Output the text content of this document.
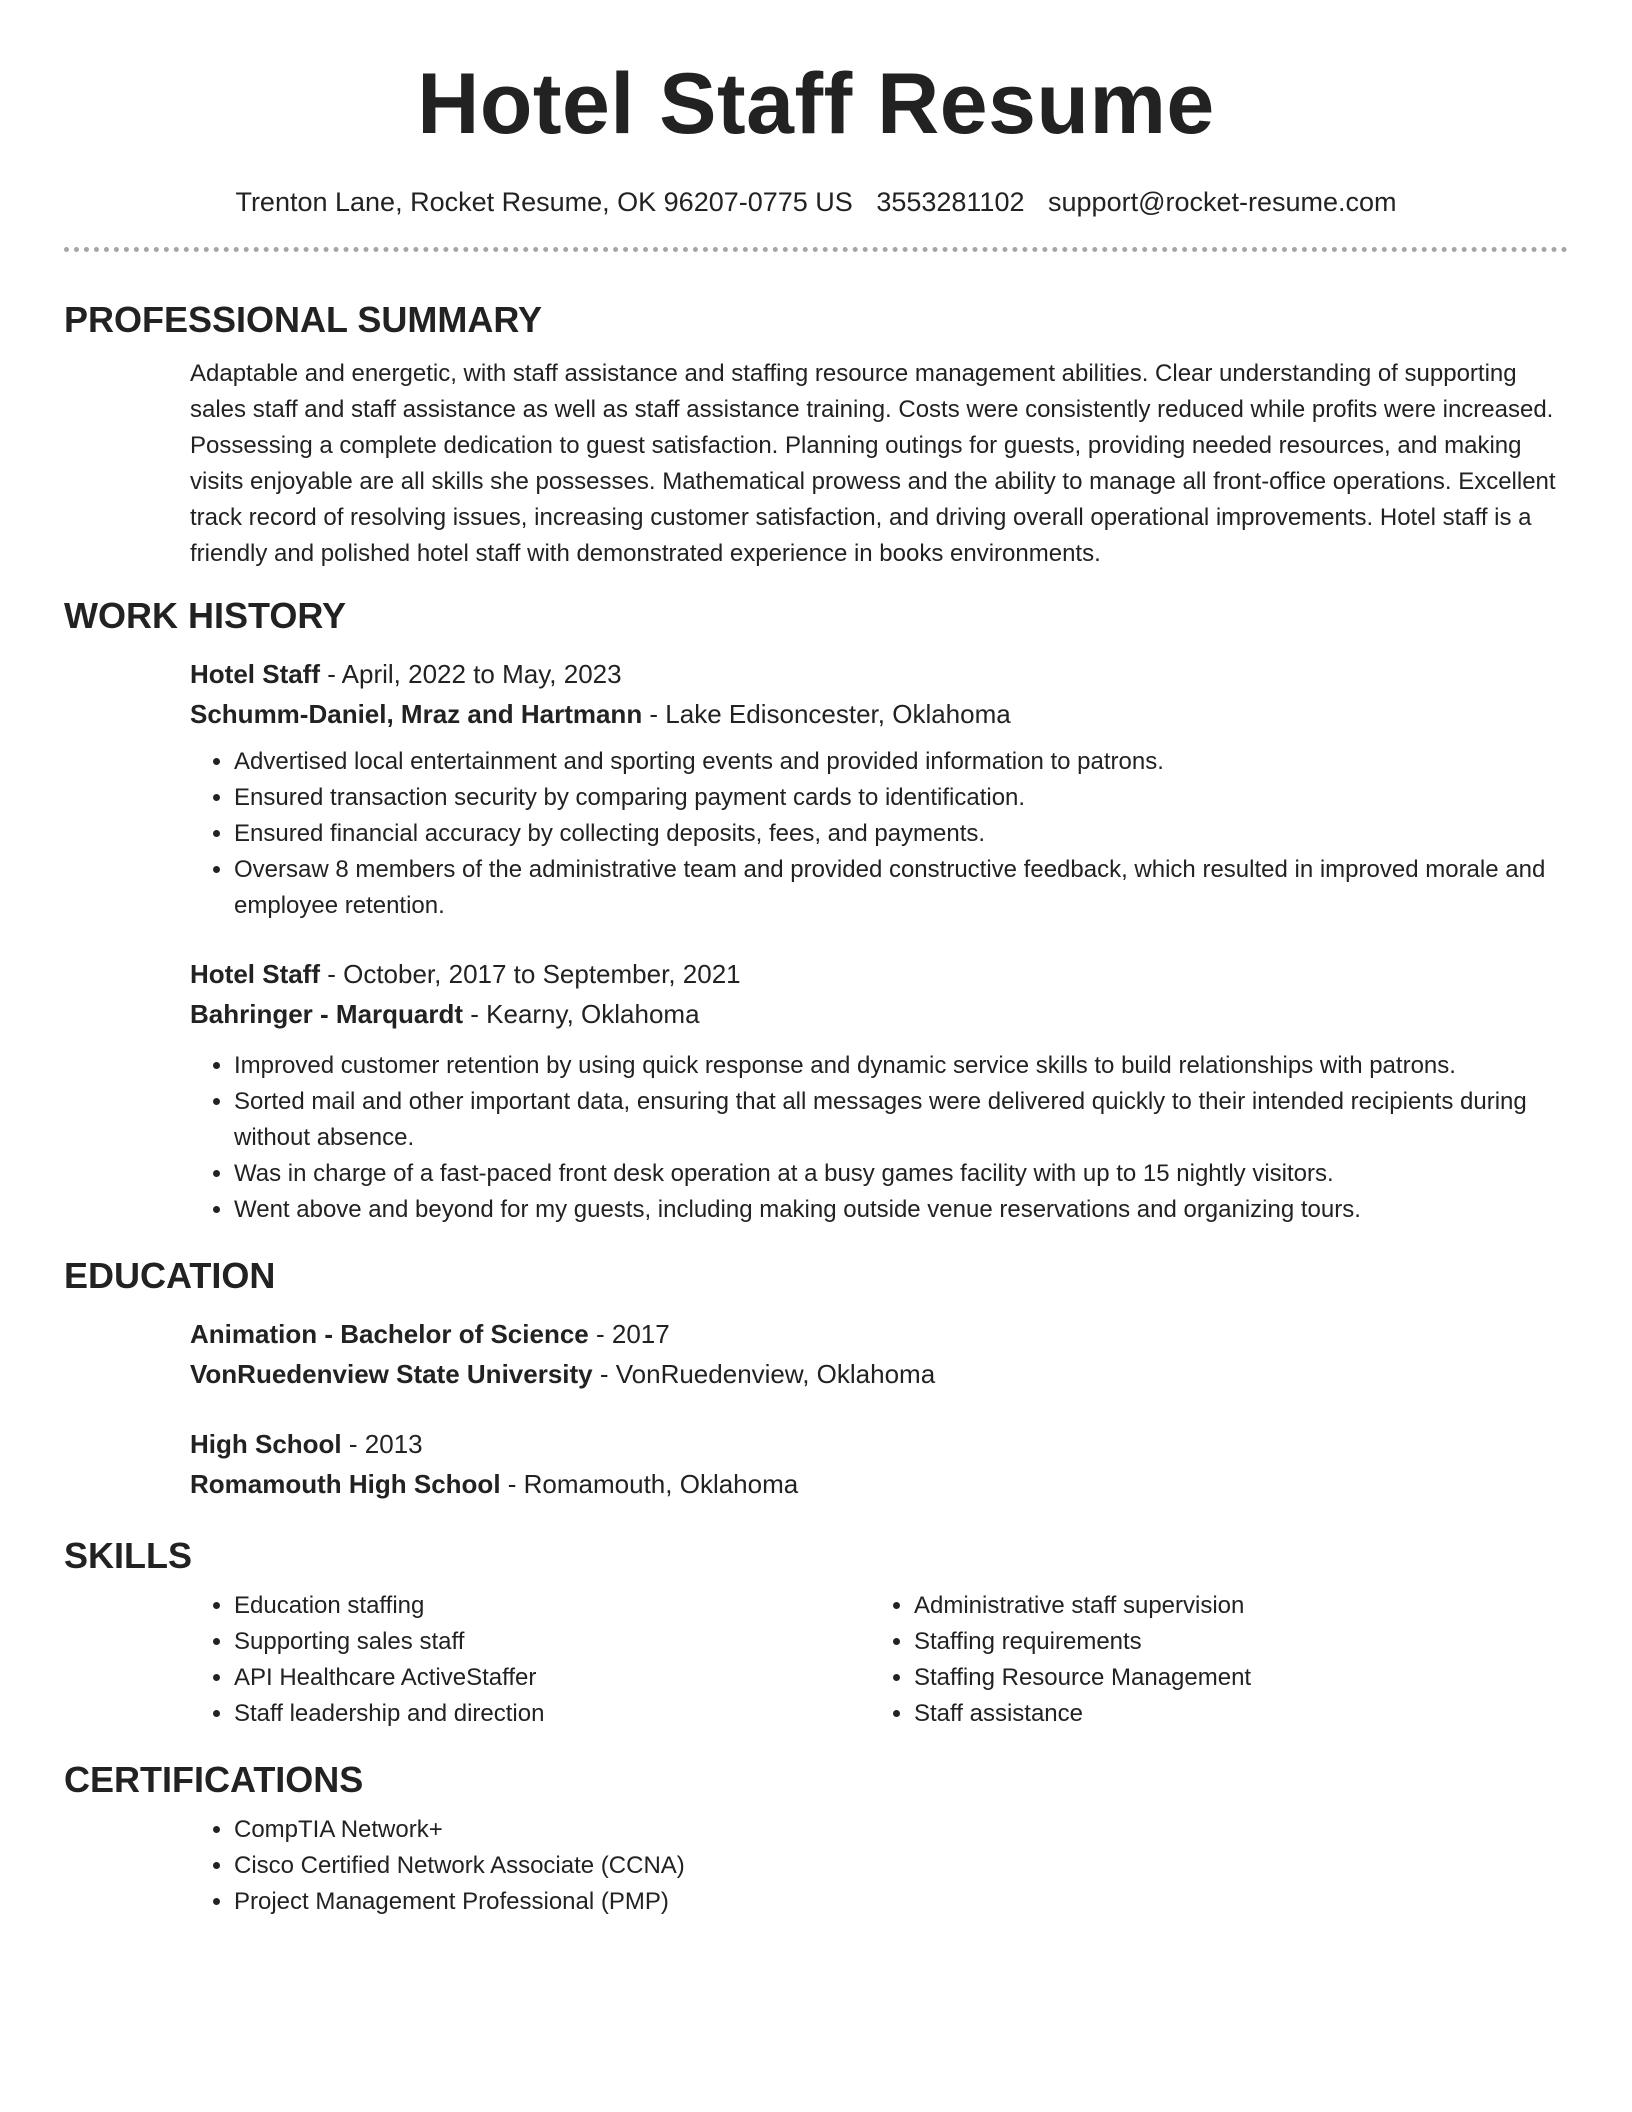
Hotel Staff Resume
Trenton Lane, Rocket Resume, OK 96207-0775 US 3553281102 support@rocket-resume.com
PROFESSIONAL SUMMARY

Adaptable and energetic, with staff assistance and staffing resource management abilities. Clear understanding of supporting sales staff and staff assistance as well as staff assistance training. Costs were consistently reduced while profits were increased. Possessing a complete dedication to guest satisfaction. Planning outings for guests, providing needed resources, and making visits enjoyable are all skills she possesses. Mathematical prowess and the ability to manage all front-office operations. Excellent track record of resolving issues, increasing customer satisfaction, and driving overall operational improvements. Hotel staff is a friendly and polished hotel staff with demonstrated experience in books environments.

WORK HISTORY
Hotel Staff - April, 2022 to May, 2023
Schumm-Daniel, Mraz and Hartmann - Lake Edisoncester, Oklahoma
• Advertised local entertainment and sporting events and provided information to patrons.
• Ensured transaction security by comparing payment cards to identification.
• Ensured financial accuracy by collecting deposits, fees, and payments.
• Oversaw 8 members of the administrative team and provided constructive feedback, which resulted in improved morale and employee retention.
Hotel Staff - October, 2017 to September, 2021
Bahringer - Marquardt - Kearny, Oklahoma
• Improved customer retention by using quick response and dynamic service skills to build relationships with patrons.
• Sorted mail and other important data, ensuring that all messages were delivered quickly to their intended recipients during without absence.
• Was in charge of a fast-paced front desk operation at a busy games facility with up to 15 nightly visitors.
• Went above and beyond for my guests, including making outside venue reservations and organizing tours.
EDUCATION
Animation - Bachelor of Science - 2017
VonRuedenview State University - VonRuedenview, Oklahoma
High School - 2013
Romamouth High School - Romamouth, Oklahoma
SKILLS
• Education staffing
• Supporting sales staff
• API Healthcare ActiveStaffer
• Staff leadership and direction
• Administrative staff supervision
• Staffing requirements
• Staffing Resource Management
• Staff assistance
CERTIFICATIONS
• CompTIA Network+
• Cisco Certified Network Associate (CCNA)
• Project Management Professional (PMP)
